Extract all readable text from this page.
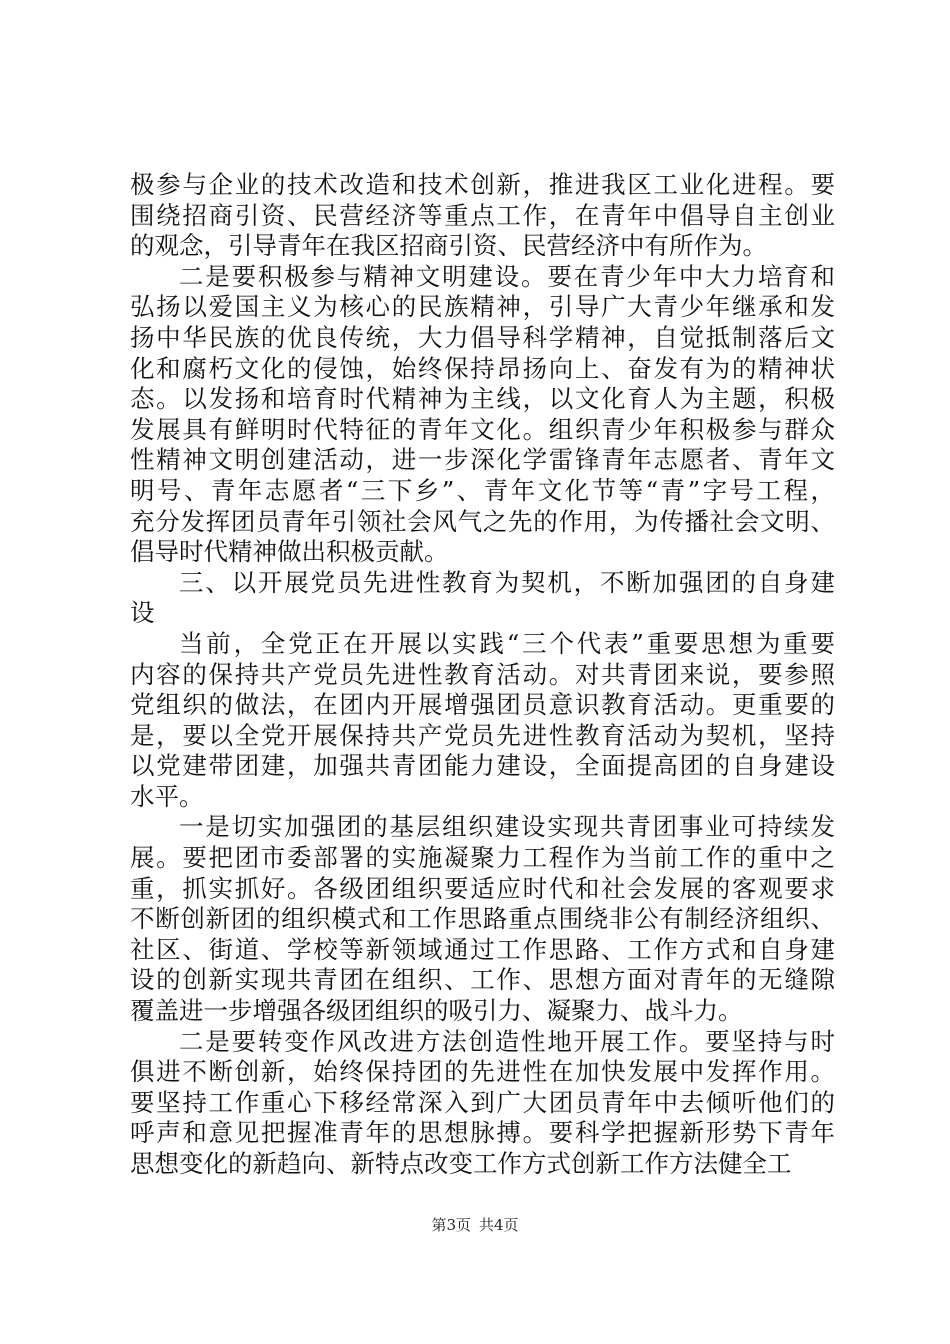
极参与企业的技术改造和技术创新，推进我区工业化进程。要
围绕招商引资、民营经济等重点工作，在青年中倡导自主创业
的观念，引导青年在我区招商引资、民营经济中有所作为。
二是要积极参与精神文明建设。要在青少年中大力培育和
弘扬以爱国主义为核心的民族精神，引导广大青少年继承和发
扬中华民族的优良传统，大力倡导科学精神，自觉抵制落后文
化和腐朽文化的侵蚀，始终保持昂扬向上、奋发有为的精神状
态。以发扬和培育时代精神为主线，以文化育人为主题，积极
发展具有鲜明时代特征的青年文化。组织青少年积极参与群众
性精神文明创建活动，进一步深化学雷锋青年志愿者、青年文
明号、青年志愿者“三下乡”、青年文化节等“青”字号工程，
充分发挥团员青年引领社会风气之先的作用，为传播社会文明、
倡导时代精神做出积极贡献。
三、以开展党员先进性教育为契机，不断加强团的自身建
设
当前，全党正在开展以实践“三个代表”重要思想为重要
内容的保持共产党员先进性教育活动。对共青团来说，要参照
党组织的做法，在团内开展增强团员意识教育活动。更重要的
是，要以全党开展保持共产党员先进性教育活动为契机，坚持
以党建带团建，加强共青团能力建设，全面提高团的自身建设
水平。
一是切实加强团的基层组织建设实现共青团事业可持续发
展。要把团市委部署的实施凝聚力工程作为当前工作的重中之
重，抓实抓好。各级团组织要适应时代和社会发展的客观要求
不断创新团的组织模式和工作思路重点围绕非公有制经济组织、
社区、街道、学校等新领域通过工作思路、工作方式和自身建
设的创新实现共青团在组织、工作、思想方面对青年的无缝隙
覆盖进一步增强各级团组织的吸引力、凝聚力、战斗力。
二是要转变作风改进方法创造性地开展工作。要坚持与时
俱进不断创新，始终保持团的先进性在加快发展中发挥作用。
要坚持工作重心下移经常深入到广大团员青年中去倾听他们的
呼声和意见把握准青年的思想脉搏。要科学把握新形势下青年
思想变化的新趋向、新特点改变工作方式创新工作方法健全工
第3页 共4页
